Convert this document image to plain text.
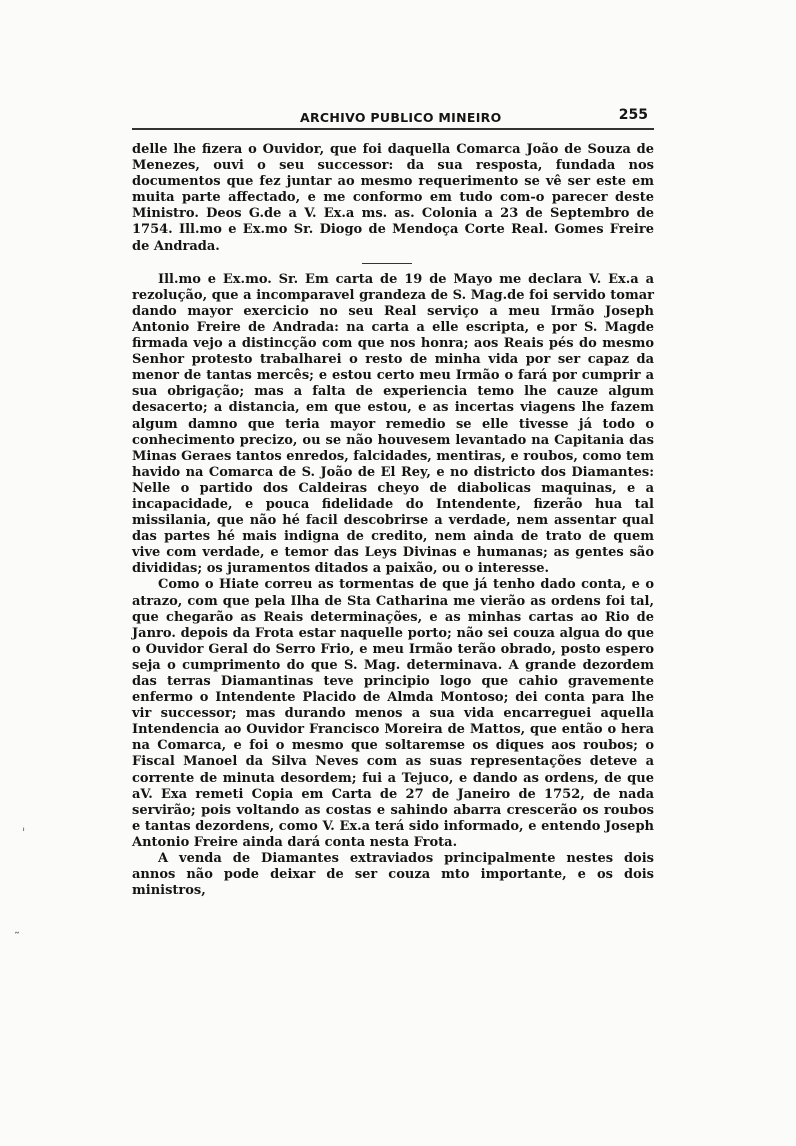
ARCHIVO PUBLICO MINEIRO	255

delle lhe fizera o Ouvidor, que foi daquella Comarca João de Souza de Menezes, ouvi o seu successor: da sua resposta, fundada nos documentos que fez juntar ao mesmo requerimento se vê ser este em muita parte affectado, e me conformo em tudo com-o parecer deste Ministro. Deos G.de a V. Ex.a ms. as. Colonia a 23 de Septembro de 1754. Ill.mo e Ex.mo Sr. Diogo de Mendoça Corte Real. Gomes Freire de Andrada.

Ill.mo e Ex.mo. Sr. Em carta de 19 de Mayo me declara V. Ex.a a rezolução, que a incomparavel grandeza de S. Mag.de foi servido tomar dando mayor exercicio no seu Real serviço a meu Irmão Joseph Antonio Freire de Andrada: na carta a elle escripta, e por S. Magde firmada vejo a distincção com que nos honra; aos Reais pés do mesmo Senhor protesto trabalharei o resto de minha vida por ser capaz da menor de tantas mercês; e estou certo meu Irmão o fará por cumprir a sua obrigação; mas a falta de experiencia temo lhe cauze algum desacerto; a distancia, em que estou, e as incertas viagens lhe fazem algum damno que teria mayor remedio se elle tivesse já todo o conhecimento precizo, ou se não houvesem levantado na Capitania das Minas Geraes tantos enredos, falcidades, mentiras, e roubos, como tem havido na Comarca de S. João de El Rey, e no districto dos Diamantes: Nelle o partido dos Caldeiras cheyo de diabolicas maquinas, e a incapacidade, e pouca fidelidade do Intendente, fizerão hua tal missilania, que não hé facil descobrirse a verdade, nem assentar qual das partes hé mais indigna de credito, nem ainda de trato de quem vive com verdade, e temor das Leys Divinas e humanas; as gentes são divididas; os juramentos ditados a paixão, ou o interesse.

Como o Hiate correu as tormentas de que já tenho dado conta, e o atrazo, com que pela Ilha de Sta Catharina me vierão as ordens foi tal, que chegarão as Reais determinações, e as minhas cartas ao Rio de Janro. depois da Frota estar naquelle porto; não sei couza algua do que o Ouvidor Geral do Serro Frio, e meu Irmão terão obrado, posto espero seja o cumprimento do que S. Mag. determinava. A grande dezordem das terras Diamantinas teve principio logo que cahio gravemente enfermo o Intendente Placido de Almda Montoso; dei conta para lhe vir successor; mas durando menos a sua vida encarreguei aquella Intendencia ao Ouvidor Francisco Moreira de Mattos, que então o hera na Comarca, e foi o mesmo que soltaremse os diques aos roubos; o Fiscal Manoel da Silva Neves com as suas representações deteve a corrente de minuta desordem; fui a Tejuco, e dando as ordens, de que aV. Exa remeti Copia em Carta de 27 de Janeiro de 1752, de nada servirão; pois voltando as costas e sahindo abarra crescerão os roubos e tantas dezordens, como V. Ex.a terá sido informado, e entendo Joseph Antonio Freire ainda dará conta nesta Frota.

A venda de Diamantes extraviados principalmente nestes dois annos não pode deixar de ser couza mto importante, e os dois ministros,

ˈ
˷
